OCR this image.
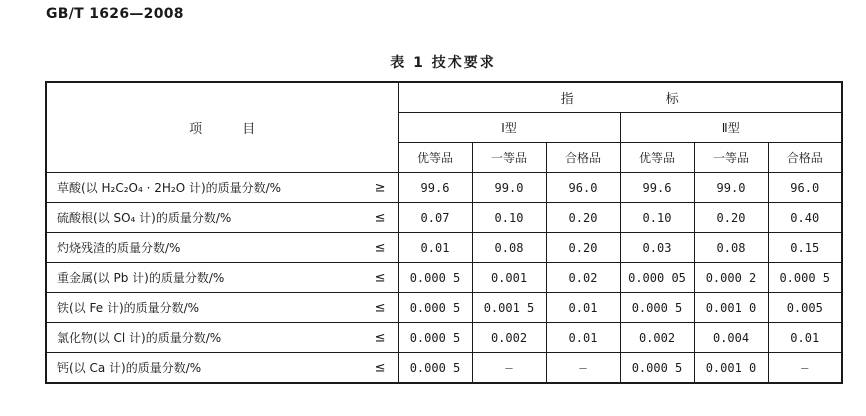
GB/T 1626—2008
表 1 技术要求
项 目	指 标					
	Ⅰ型			Ⅱ型		
	优等品	一等品	合格品	优等品	一等品	合格品
草酸(以 H₂C₂O₄ · 2H₂O 计)的质量分数/% ≥	99.6	99.0	96.0	99.6	99.0	96.0
硫酸根(以 SO₄ 计)的质量分数/% ≤	0.07	0.10	0.20	0.10	0.20	0.40
灼烧残渣的质量分数/% ≤	0.01	0.08	0.20	0.03	0.08	0.15
重金属(以 Pb 计)的质量分数/% ≤	0.000 5	0.001	0.02	0.000 05	0.000 2	0.000 5
铁(以 Fe 计)的质量分数/% ≤	0.000 5	0.001 5	0.01	0.000 5	0.001 0	0.005
氯化物(以 Cl 计)的质量分数/% ≤	0.000 5	0.002	0.01	0.002	0.004	0.01
钙(以 Ca 计)的质量分数/% ≤	0.000 5	—	—	0.000 5	0.001 0	—
